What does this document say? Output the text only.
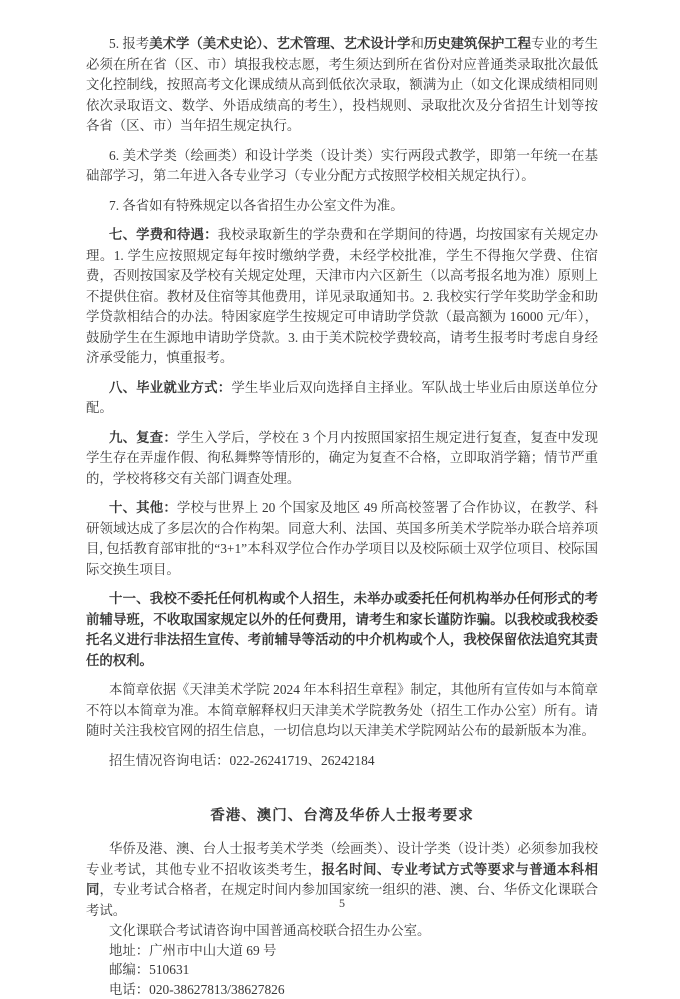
5. 报考美术学（美术史论）、艺术管理、艺术设计学和历史建筑保护工程专业的考生必须在所在省（区、市）填报我校志愿，考生须达到所在省份对应普通类录取批次最低文化控制线，按照高考文化课成绩从高到低依次录取，额满为止（如文化课成绩相同则依次录取语文、数学、外语成绩高的考生），投档规则、录取批次及分省招生计划等按各省（区、市）当年招生规定执行。

6. 美术学类（绘画类）和设计学类（设计类）实行两段式教学，即第一年统一在基础部学习，第二年进入各专业学习（专业分配方式按照学校相关规定执行）。

7. 各省如有特殊规定以各省招生办公室文件为准。

七、学费和待遇：我校录取新生的学杂费和在学期间的待遇，均按国家有关规定办理。1. 学生应按照规定每年按时缴纳学费，未经学校批准，学生不得拖欠学费、住宿费，否则按国家及学校有关规定处理，天津市内六区新生（以高考报名地为准）原则上不提供住宿。教材及住宿等其他费用，详见录取通知书。2. 我校实行学年奖助学金和助学贷款相结合的办法。特困家庭学生按规定可申请助学贷款（最高额为 16000 元/年），鼓励学生在生源地申请助学贷款。3. 由于美术院校学费较高，请考生报考时考虑自身经济承受能力，慎重报考。

八、毕业就业方式：学生毕业后双向选择自主择业。军队战士毕业后由原送单位分配。

九、复查：学生入学后，学校在 3 个月内按照国家招生规定进行复查，复查中发现学生存在弄虚作假、徇私舞弊等情形的，确定为复查不合格，立即取消学籍；情节严重的，学校将移交有关部门调查处理。

十、其他：学校与世界上 20 个国家及地区 49 所高校签署了合作协议，在教学、科研领域达成了多层次的合作构架。同意大利、法国、英国多所美术学院举办联合培养项目, 包括教育部审批的“3+1”本科双学位合作办学项目以及校际硕士双学位项目、校际国际交换生项目。

十一、我校不委托任何机构或个人招生，未举办或委托任何机构举办任何形式的考前辅导班，不收取国家规定以外的任何费用，请考生和家长谨防诈骗。以我校或我校委托名义进行非法招生宣传、考前辅导等活动的中介机构或个人，我校保留依法追究其责任的权利。

本简章依据《天津美术学院 2024 年本科招生章程》制定，其他所有宣传如与本简章不符以本简章为准。本简章解释权归天津美术学院教务处（招生工作办公室）所有。请随时关注我校官网的招生信息，一切信息均以天津美术学院网站公布的最新版本为准。

招生情况咨询电话：022-26241719、26242184

香港、澳门、台湾及华侨人士报考要求

华侨及港、澳、台人士报考美术学类（绘画类）、设计学类（设计类）必须参加我校专业考试，其他专业不招收该类考生，报名时间、专业考试方式等要求与普通本科相同，专业考试合格者，在规定时间内参加国家统一组织的港、澳、台、华侨文化课联合考试。

文化课联合考试请咨询中国普通高校联合招生办公室。

地址：广州市中山大道 69 号

邮编：510631

电话：020-38627813/38627826

5
